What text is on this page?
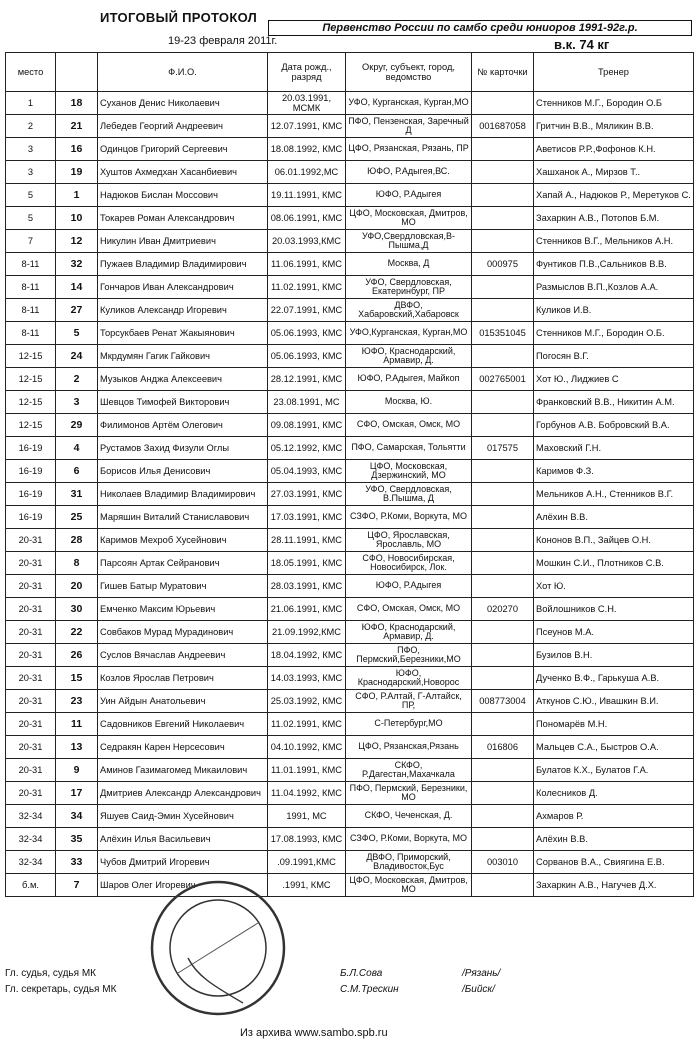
ИТОГОВЫЙ ПРОТОКОЛ
19-23 февраля 2011г.
Первенство России по самбо среди юниоров 1991-92г.р.
в.к. 74 кг
место		Ф.И.О.	Дата рожд., разряд	Округ, субъект, город, ведомство	№ карточки	Тренер
1	18	Суханов Денис Николаевич	20.03.1991, МСМК	УФО, Курганская, Курган,МО		Стенников М.Г., Бородин О.Б
2	21	Лебедев Георгий Андреевич	12.07.1991, КМС	ПФО, Пензенская, Заречный Д	001687058	Гритчин В.В., Мяликин В.В.
3	16	Одинцов Григорий Сергеевич	18.08.1992, КМС	ЦФО, Рязанская, Рязань, ПР		Аветисов Р.Р.,Фофонов К.Н.
3	19	Хуштов Ахмедхан Хасанбиевич	06.01.1992,МС	ЮФО, Р.Адыгея,ВС.		Хашханок А., Мирзов Т..
5	1	Надюков Бислан Моссович	19.11.1991, КМС	ЮФО, Р.Адыгея		Хапай А., Надюков Р., Меретуков С.
5	10	Токарев Роман Александрович	08.06.1991, КМС	ЦФО, Московская, Дмитров, МО		Захаркин А.В., Потопов Б.М.
7	12	Никулин Иван Дмитриевич	20.03.1993,КМС	УФО,Свердловская,В-Пышма,Д		Стенников В.Г., Мельников А.Н.
8-11	32	Пужаев Владимир Владимирович	11.06.1991, КМС	Москва, Д	000975	Фунтиков П.В.,Сальников В.В.
8-11	14	Гончаров Иван Александрович	11.02.1991, КМС	УФО, Свердловская, Екатеринбург, ПР		Размыслов В.П.,Козлов А.А.
8-11	27	Куликов Александр Игоревич	22.07.1991, КМС	ДВФО, Хабаровский,Хабаровск		Куликов И.В.
8-11	5	Торсукбаев Ренат Жакыянович	05.06.1993, КМС	УФО,Курганская, Курган,МО	015351045	Стенников М.Г., Бородин О.Б.
12-15	24	Мкрдумян Гагик Гайкович	05.06.1993, КМС	ЮФО, Краснодарский, Армавир, Д.		Погосян В.Г.
12-15	2	Музыков Анджа Алексеевич	28.12.1991, КМС	ЮФО, Р.Адыгея, Майкоп	002765001	Хот Ю., Лиджиев С
12-15	3	Шевцов Тимофей Викторович	23.08.1991, МС	Москва, Ю.		Франковский В.В., Никитин А.М.
12-15	29	Филимонов Артём Олегович	09.08.1991, КМС	СФО, Омская, Омск, МО		Горбунов А.В. Бобровский В.А.
16-19	4	Рустамов Захид Физули Оглы	05.12.1992, КМС	ПФО, Самарская, Тольятти	017575	Маховский Г.Н.
16-19	6	Борисов Илья Денисович	05.04.1993, КМС	ЦФО, Московская, Дзержинский, МО		Каримов Ф.З.
16-19	31	Николаев Владимир Владимирович	27.03.1991, КМС	УФО, Свердловская, В.Пышма, Д		Мельников А.Н., Стенников В.Г.
16-19	25	Маряшин Виталий Станиславович	17.03.1991, КМС	СЗФО, Р.Коми, Воркута, МО		Алёхин В.В.
20-31	28	Каримов Мехроб Хусейнович	28.11.1991, КМС	ЦФО, Ярославская, Ярославль, МО		Кононов В.П., Зайцев О.Н.
20-31	8	Парсоян Артак Сейранович	18.05.1991, КМС	СФО, Новосибирская, Новосибирск, Лок.		Мошкин С.И., Плотников С.В.
20-31	20	Гишев Батыр Муратович	28.03.1991, КМС	ЮФО, Р.Адыгея		Хот Ю.
20-31	30	Емченко Максим Юрьевич	21.06.1991, КМС	СФО, Омская, Омск, МО	020270	Войлошников С.Н.
20-31	22	Совбаков Мурад Мурадинович	21.09.1992,КМС	ЮФО, Краснодарский, Армавир, Д.		Псеунов М.А.
20-31	26	Суслов Вячаслав Андреевич	18.04.1992, КМС	ПФО, Пермский,Березники,МО		Бузилов В.Н.
20-31	15	Козлов Ярослав Петрович	14.03.1993, КМС	ЮФО, Краснодарский,Новорос		Дученко В.Ф., Гарькуша А.В.
20-31	23	Уин Айдын Анатольевич	25.03.1992, КМС	СФО, Р.Алтай, Г-Алтайск, ПР,	008773004	Аткунов С.Ю., Ивашкин В.И.
20-31	11	Садовников Евгений Николаевич	11.02.1991, КМС	С-Петербург,МО		Пономарёв М.Н.
20-31	13	Седракян Карен Нерсесович	04.10.1992, КМС	ЦФО, Рязанская,Рязань	016806	Мальцев С.А., Быстров О.А.
20-31	9	Аминов Газимагомед Микаилович	11.01.1991, КМС	СКФО, Р.Дагестан,Махачкала		Булатов К.Х., Булатов Г.А.
20-31	17	Дмитриев Александр Александрович	11.04.1992, КМС	ПФО, Пермский, Березники, МО		Колесников Д.
32-34	34	Яшуев Саид-Эмин Хусейнович	1991, МС	СКФО, Чеченская, Д.		Ахмаров Р.
32-34	35	Алёхин Илья Васильевич	17.08.1993, КМС	СЗФО, Р.Коми, Воркута, МО		Алёхин В.В.
32-34	33	Чубов Дмитрий Игоревич	.09.1991,КМС	ДВФО, Приморский, Владивосток,Бус	003010	Сорванов В.А., Свиягина Е.В.
б.м.	7	Шаров Олег Игоревич	.1991, КМС	ЦФО, Московская, Дмитров, МО		Захаркин А.В., Нагучев Д.Х.
Гл. судья, судья МК
Гл. секретарь, судья МК
Б.Л.Сова
С.М.Трескин
/Рязань/
/Бийск/
Из архива www.sambo.spb.ru
